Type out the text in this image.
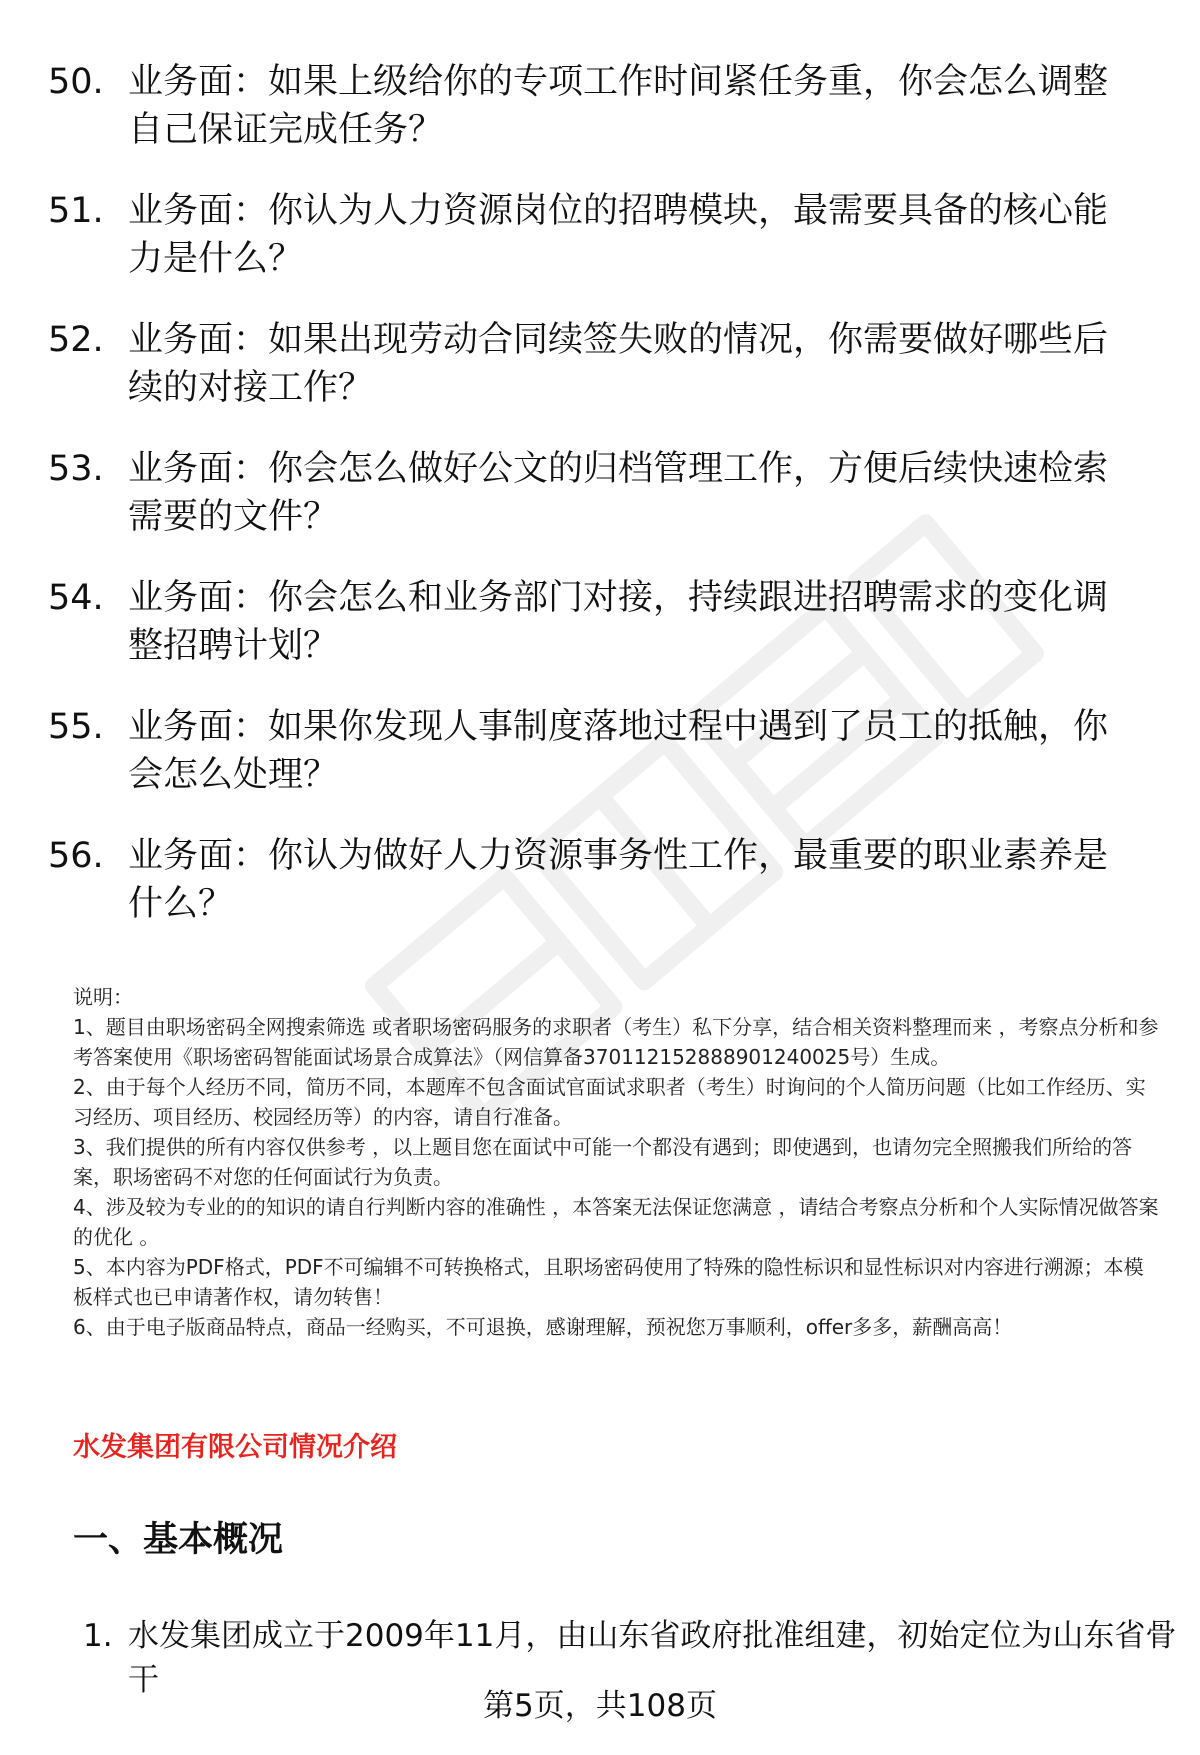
50. 业务面：如果上级给你的专项工作时间紧任务重，你会怎么调整自己保证完成任务？
51. 业务面：你认为人力资源岗位的招聘模块，最需要具备的核心能力是什么？
52. 业务面：如果出现劳动合同续签失败的情况，你需要做好哪些后续的对接工作？
53. 业务面：你会怎么做好公文的归档管理工作，方便后续快速检索需要的文件？
54. 业务面：你会怎么和业务部门对接，持续跟进招聘需求的变化调整招聘计划？
55. 业务面：如果你发现人事制度落地过程中遇到了员工的抵触，你会怎么处理？
56. 业务面：你认为做好人力资源事务性工作，最重要的职业素养是什么？

说明：

1、题目由职场密码全网搜索筛选 或者职场密码服务的求职者（考生）私下分享，结合相关资料整理而来 ，考察点分析和参考答案使用《职场密码智能面试场景合成算法》（网信算备370112152888901240025号）生成。

2、由于每个人经历不同，简历不同，本题库不包含面试官面试求职者（考生）时询问的个人简历问题（比如工作经历、实习经历、项目经历、校园经历等）的内容，请自行准备。

3、我们提供的所有内容仅供参考 ，以上题目您在面试中可能一个都没有遇到；即使遇到，也请勿完全照搬我们所给的答案，职场密码不对您的任何面试行为负责。

4、涉及较为专业的的知识的请自行判断内容的准确性 ，本答案无法保证您满意 ，请结合考察点分析和个人实际情况做答案的优化 。

5、本内容为PDF格式，PDF不可编辑不可转换格式，且职场密码使用了特殊的隐性标识和显性标识对内容进行溯源；本模板样式也已申请著作权，请勿转售！

6、由于电子版商品特点，商品一经购买，不可退换，感谢理解，预祝您万事顺利，offer多多，薪酬高高！

水发集团有限公司情况介绍
一、基本概况
1. 水发集团成立于2009年11月，由山东省政府批准组建，初始定位为山东省骨干
第5页，共108页
